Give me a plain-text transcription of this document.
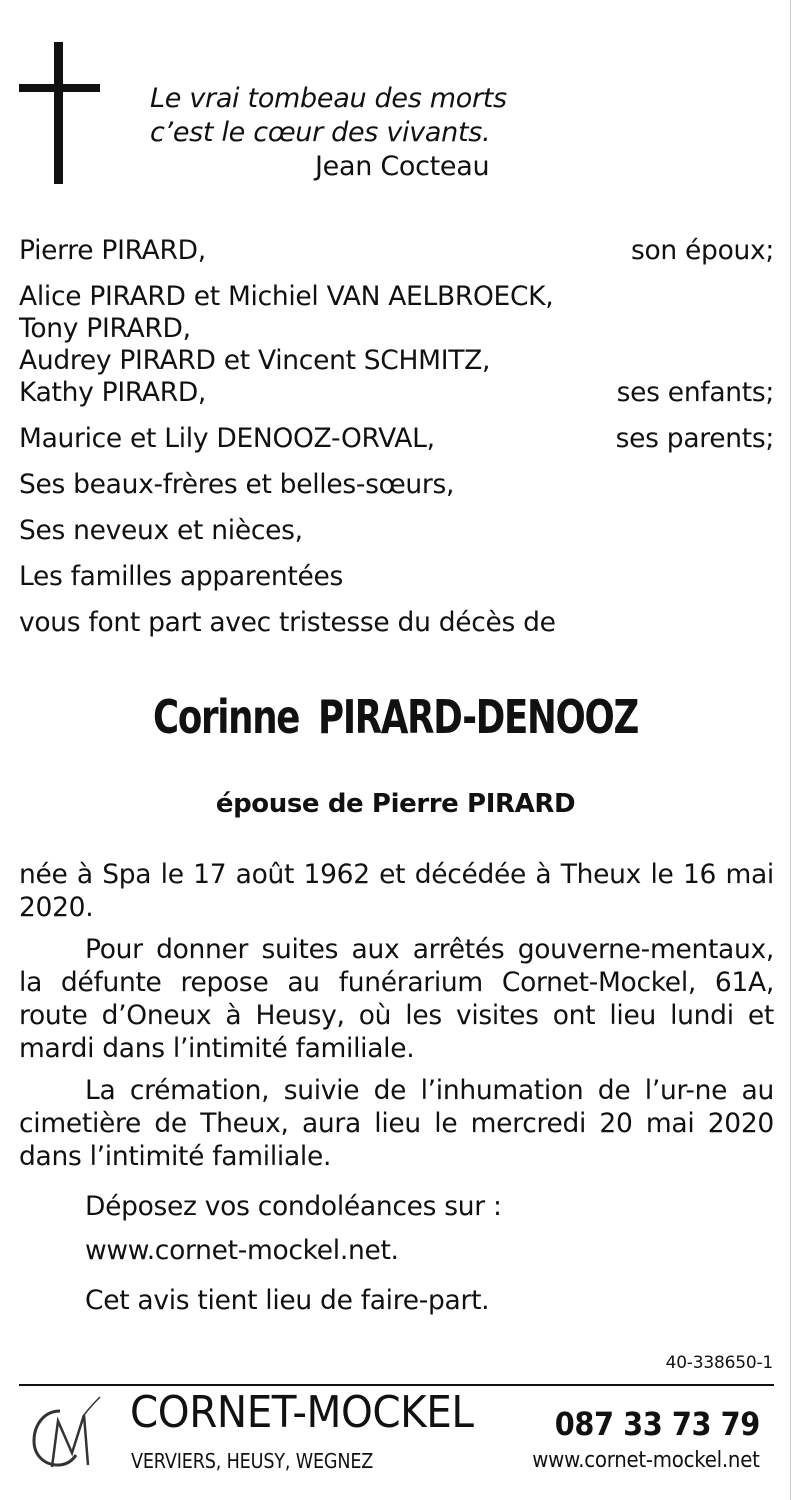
Le vrai tombeau des morts
c’est le cœur des vivants.
Jean Cocteau
Pierre PIRARD,	son époux;
Alice PIRARD et Michiel VAN AELBROECK,
Tony PIRARD,
Audrey PIRARD et Vincent SCHMITZ,
Kathy PIRARD,	ses enfants;
Maurice et Lily DENOOZ-ORVAL,	ses parents;
Ses beaux-frères et belles-sœurs,
Ses neveux et nièces,
Les familles apparentées
vous font part avec tristesse du décès de
Corinne PIRARD-DENOOZ
épouse de Pierre PIRARD

née à Spa le 17 août 1962 et décédée à Theux le 16 mai 2020.

Pour donner suites aux arrêtés gouverne-mentaux, la défunte repose au funérarium Cornet-Mockel, 61A, route d’Oneux à Heusy, où les visites ont lieu lundi et mardi dans l’intimité familiale.

La crémation, suivie de l’inhumation de l’ur-ne au cimetière de Theux, aura lieu le mercredi 20 mai 2020 dans l’intimité familiale.

Déposez vos condoléances sur :

www.cornet-mockel.net.

Cet avis tient lieu de faire-part.

40-338650-1
CORNET-MOCKEL
VERVIERS, HEUSY, WEGNEZ
087 33 73 79
www.cornet-mockel.net
